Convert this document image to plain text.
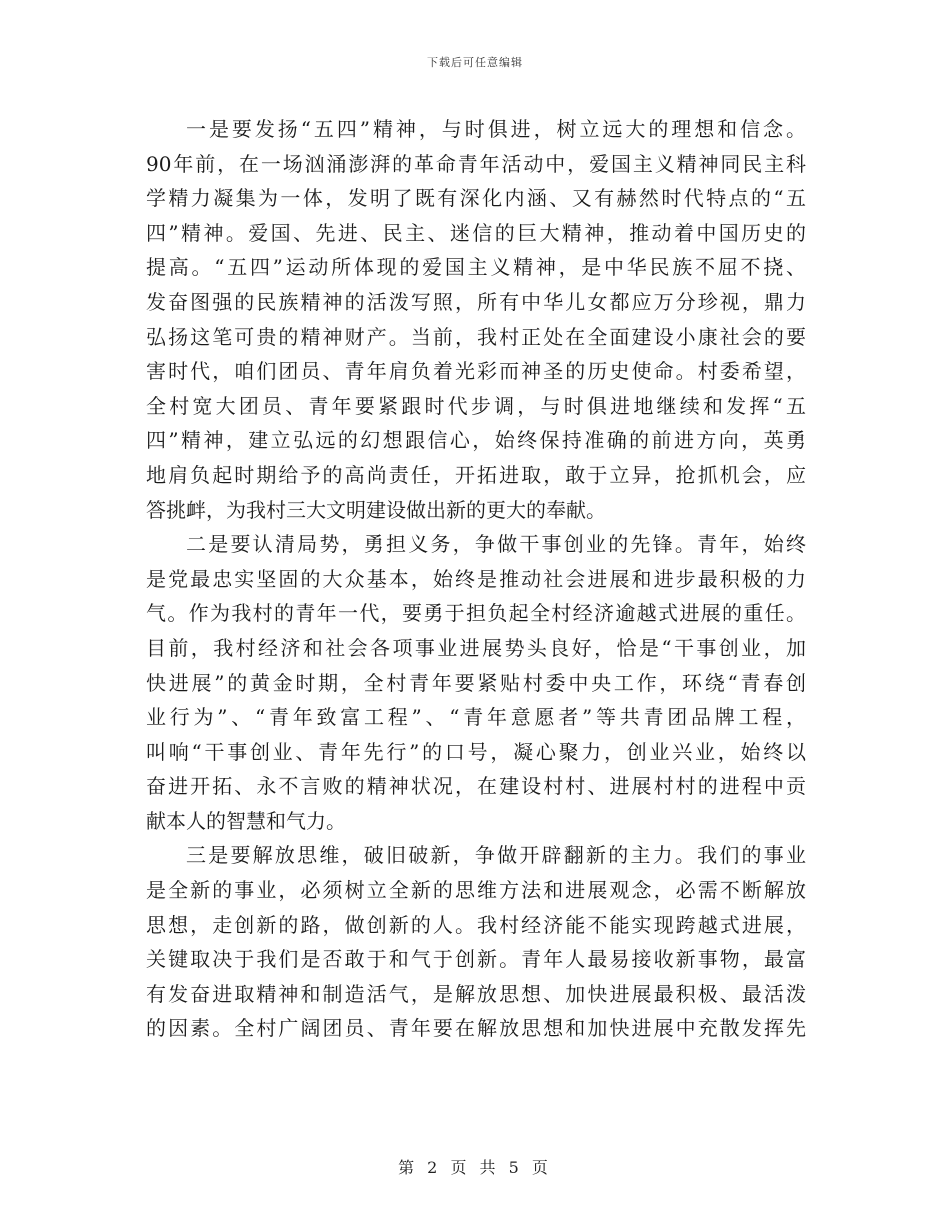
下载后可任意编辑
一是要发扬“五四”精神，与时俱进，树立远大的理想和信念。
90年前，在一场汹涌澎湃的革命青年活动中，爱国主义精神同民主科
学精力凝集为一体，发明了既有深化内涵、又有赫然时代特点的“五
四”精神。爱国、先进、民主、迷信的巨大精神，推动着中国历史的
提高。“五四”运动所体现的爱国主义精神，是中华民族不屈不挠、
发奋图强的民族精神的活泼写照，所有中华儿女都应万分珍视，鼎力
弘扬这笔可贵的精神财产。当前，我村正处在全面建设小康社会的要
害时代，咱们团员、青年肩负着光彩而神圣的历史使命。村委希望，
全村宽大团员、青年要紧跟时代步调，与时俱进地继续和发挥“五
四”精神，建立弘远的幻想跟信心，始终保持准确的前进方向，英勇
地肩负起时期给予的高尚责任，开拓进取，敢于立异，抢抓机会，应
答挑衅，为我村三大文明建设做出新的更大的奉献。
二是要认清局势，勇担义务，争做干事创业的先锋。青年，始终
是党最忠实坚固的大众基本，始终是推动社会进展和进步最积极的力
气。作为我村的青年一代，要勇于担负起全村经济逾越式进展的重任。
目前，我村经济和社会各项事业进展势头良好，恰是“干事创业，加
快进展”的黄金时期，全村青年要紧贴村委中央工作，环绕“青春创
业行为”、“青年致富工程”、“青年意愿者”等共青团品牌工程，
叫响“干事创业、青年先行”的口号，凝心聚力，创业兴业，始终以
奋进开拓、永不言败的精神状况，在建设村村、进展村村的进程中贡
献本人的智慧和气力。
三是要解放思维，破旧破新，争做开辟翻新的主力。我们的事业
是全新的事业，必须树立全新的思维方法和进展观念，必需不断解放
思想，走创新的路，做创新的人。我村经济能不能实现跨越式进展，
关键取决于我们是否敢于和气于创新。青年人最易接收新事物，最富
有发奋进取精神和制造活气，是解放思想、加快进展最积极、最活泼
的因素。全村广阔团员、青年要在解放思想和加快进展中充散发挥先
第 2 页 共 5 页
